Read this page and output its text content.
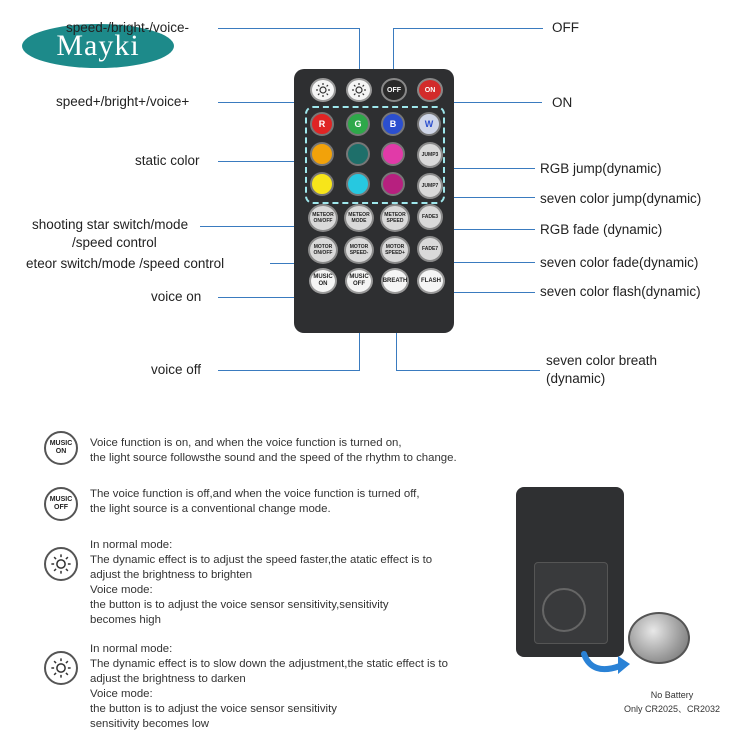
Mayki
OFF	ON
R	G	B	W
JUMP3
JUMP7
METEOR ON/OFF
METEOR MODE
METEOR SPEED
FADE3
MOTOR ON/OFF
MOTOR SPEED-
MOTOR SPEED+
FADE7
MUSIC ON
MUSIC OFF
BREATH	FLASH
speed-/bright-/voice-
speed+/bright+/voice+
static color
shooting star switch/mode
/speed control
eteor switch/mode /speed control
voice on
voice off
OFF
ON
RGB jump(dynamic)
seven color jump(dynamic)
RGB fade (dynamic)
seven color fade(dynamic)
seven color flash(dynamic)
seven color breath
(dynamic)
MUSIC ON
Voice function is on, and when the voice function is turned on,
the light source followsthe sound and the speed of the rhythm to change.
MUSIC OFF
The voice function is off,and when the voice function is turned off,
the light source is a conventional change mode.
In normal mode:
The dynamic effect is to adjust the speed faster,the atatic effect is to
adjust the brightness to brighten
Voice mode:
the button is to adjust the voice sensor sensitivity,sensitivity
becomes high
In normal mode:
The dynamic effect is to slow down the adjustment,the static effect is to
adjust the brightness to darken
Voice mode:
the button is to adjust the voice sensor sensitivity
sensitivity becomes low
No Battery
Only CR2025、CR2032
